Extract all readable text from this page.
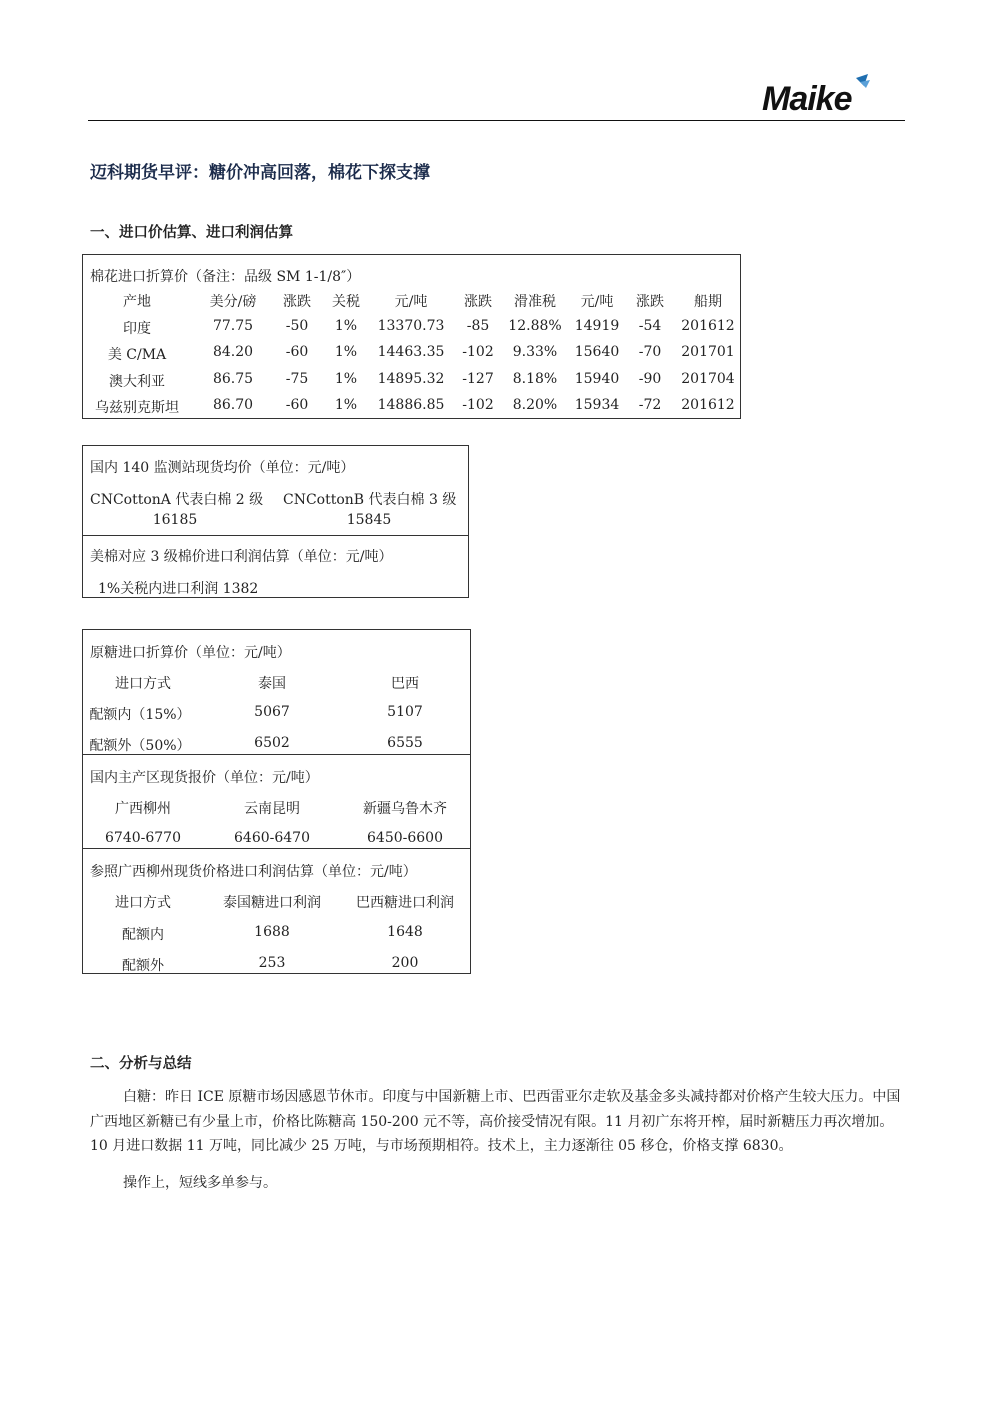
Maike
迈科期货早评：糖价冲高回落，棉花下探支撑
一、进口价估算、进口利润估算
棉花进口折算价（备注：品级 SM 1-1/8″）
产地	美分/磅 涨跌 关税 元/吨	涨跌 滑准税 元/吨 涨跌 船期
印度	77.75 -50 1% 13370.73 -85 12.88% 14919 -54 201612
美 C/MA	84.20 -60 1% 14463.35 -102 9.33% 15640 -70 201701
澳大利亚	86.75 -75 1% 14895.32 -127 8.18% 15940 -90 201704
乌兹别克斯坦 86.70 -60 1% 14886.85 -102 8.20% 15934 -72 201612
国内 140 监测站现货均价（单位：元/吨）
CNCottonA 代表白棉 2 级
16185
CNCottonB 代表白棉 3 级
15845
美棉对应 3 级棉价进口利润估算（单位：元/吨）
1%关税内进口利润 1382
原糖进口折算价（单位：元/吨）
国内主产区现货报价（单位：元/吨）
参照广西柳州现货价格进口利润估算（单位：元/吨）
进口方式	泰国	巴西
配额内（15%）	5067	5107
配额外（50%）	6502	6555
广西柳州	云南昆明	新疆乌鲁木齐
6740-6770	6460-6470	6450-6600
进口方式	泰国糖进口利润	巴西糖进口利润
配额内	1688	1648
配额外	253	200
二、分析与总结

白糖：昨日 ICE 原糖市场因感恩节休市。印度与中国新糖上市、巴西雷亚尔走软及基金多头减持都对价格产生较大压力。中国广西地区新糖已有少量上市，价格比陈糖高 150-200 元不等，高价接受情况有限。11 月初广东将开榨，届时新糖压力再次增加。10 月进口数据 11 万吨，同比减少 25 万吨，与市场预期相符。技术上，主力逐渐往 05 移仓，价格支撑 6830。

操作上，短线多单参与。
